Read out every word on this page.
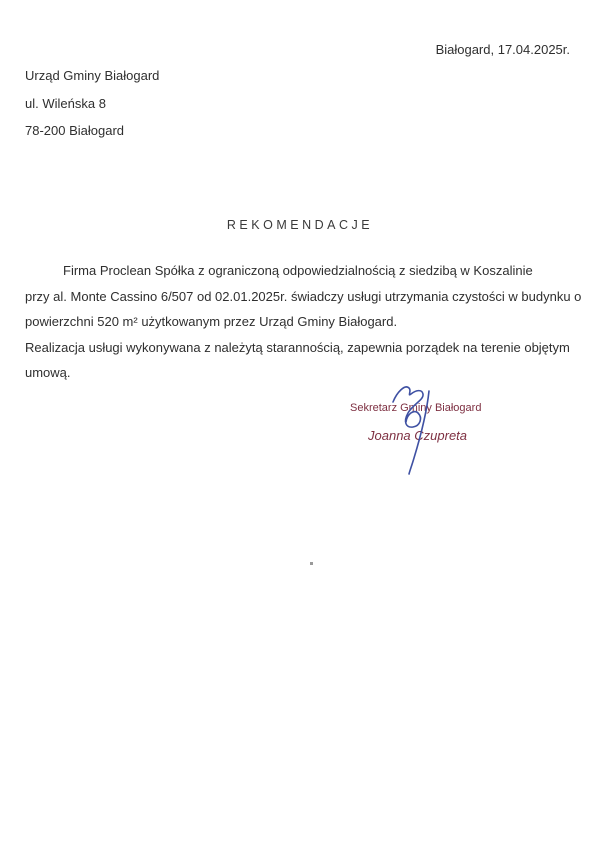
Białogard, 17.04.2025r.
Urząd Gminy Białogard
ul. Wileńska 8
78-200 Białogard
REKOMENDACJE
Firma Proclean Spółka z ograniczoną odpowiedzialnością z siedzibą w Koszalinie
przy al. Monte Cassino 6/507 od 02.01.2025r. świadczy usługi utrzymania czystości w budynku o
powierzchni 520 m² użytkowanym przez Urząd Gminy Białogard.
Realizacja usługi wykonywana z należytą starannością, zapewnia porządek na terenie objętym
umową.
Sekretarz Gminy Białogard
Joanna Czupreta
